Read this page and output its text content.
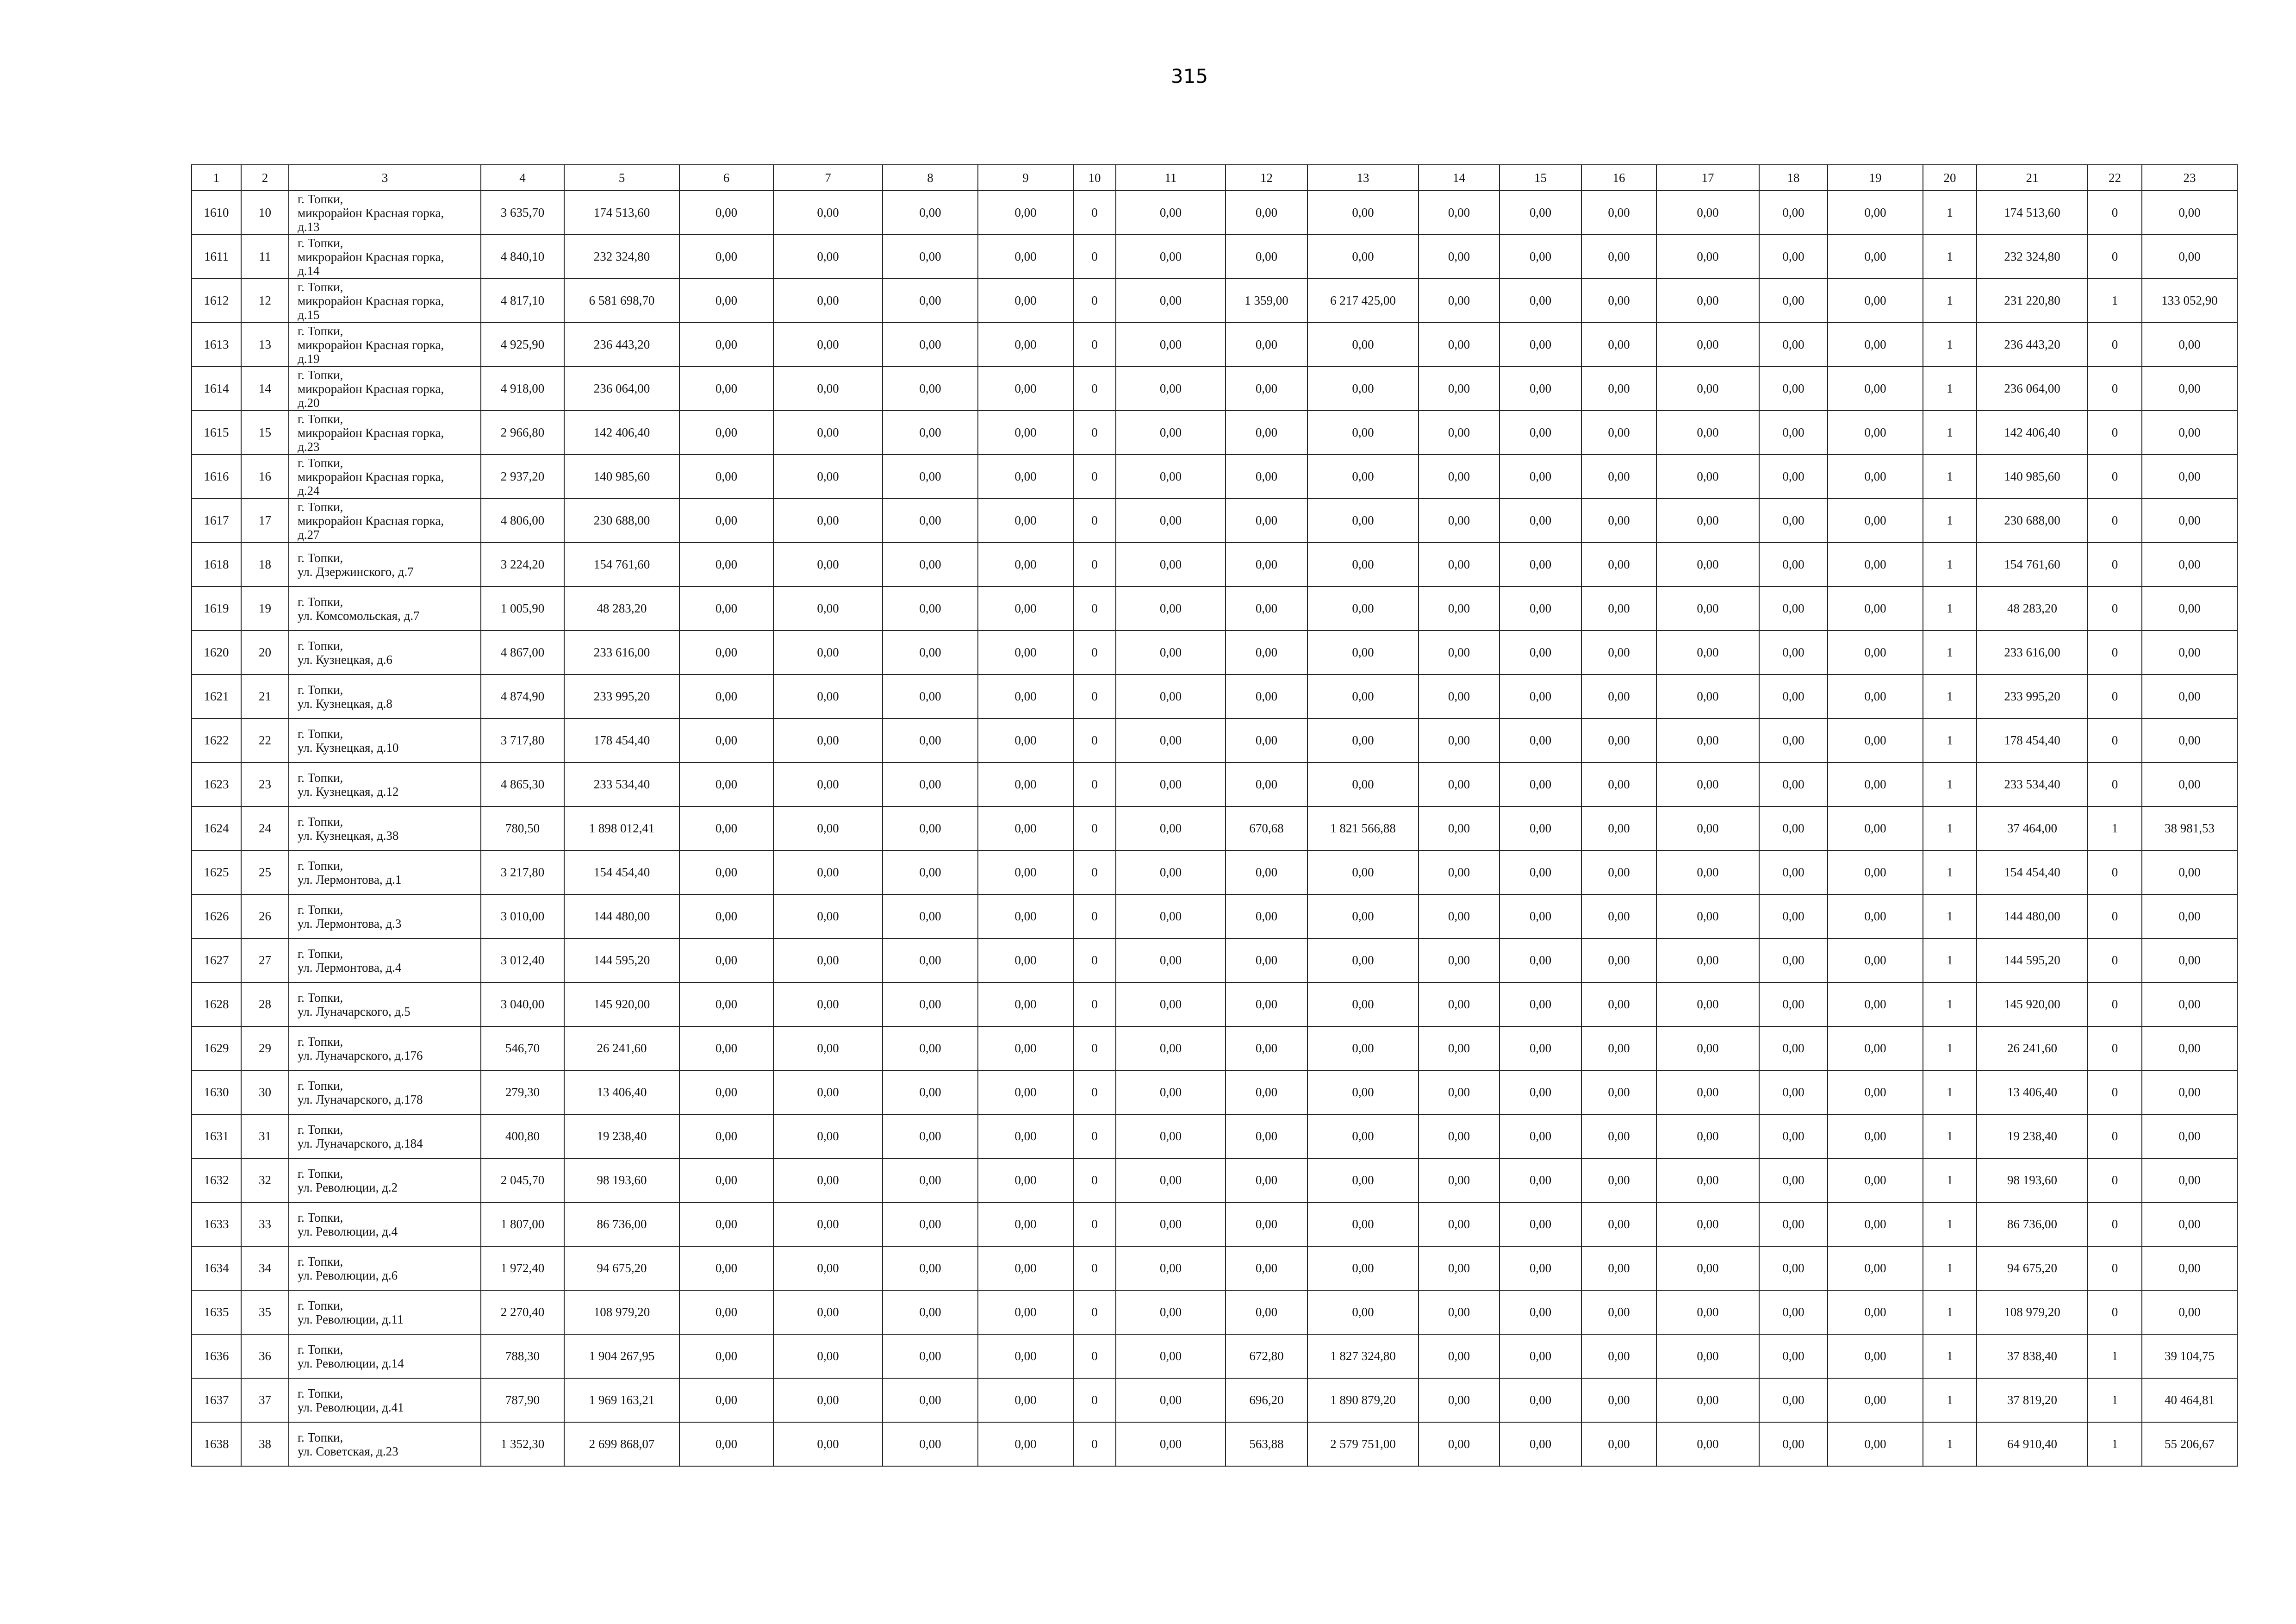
315
1	2	3	4	5	6	7	8	9	10	11	12	13	14	15	16	17	18	19	20	21	22	23
1610	10	г. Топки,
микрорайон Красная горка,
д.13	3 635,70	174 513,60	0,00	0,00	0,00	0,00	0	0,00	0,00	0,00	0,00	0,00	0,00	0,00	0,00	0,00	1	174 513,60	0	0,00
1611	11	г. Топки,
микрорайон Красная горка,
д.14	4 840,10	232 324,80	0,00	0,00	0,00	0,00	0	0,00	0,00	0,00	0,00	0,00	0,00	0,00	0,00	0,00	1	232 324,80	0	0,00
1612	12	г. Топки,
микрорайон Красная горка,
д.15	4 817,10	6 581 698,70	0,00	0,00	0,00	0,00	0	0,00	1 359,00	6 217 425,00	0,00	0,00	0,00	0,00	0,00	0,00	1	231 220,80	1	133 052,90
1613	13	г. Топки,
микрорайон Красная горка,
д.19	4 925,90	236 443,20	0,00	0,00	0,00	0,00	0	0,00	0,00	0,00	0,00	0,00	0,00	0,00	0,00	0,00	1	236 443,20	0	0,00
1614	14	г. Топки,
микрорайон Красная горка,
д.20	4 918,00	236 064,00	0,00	0,00	0,00	0,00	0	0,00	0,00	0,00	0,00	0,00	0,00	0,00	0,00	0,00	1	236 064,00	0	0,00
1615	15	г. Топки,
микрорайон Красная горка,
д.23	2 966,80	142 406,40	0,00	0,00	0,00	0,00	0	0,00	0,00	0,00	0,00	0,00	0,00	0,00	0,00	0,00	1	142 406,40	0	0,00
1616	16	г. Топки,
микрорайон Красная горка,
д.24	2 937,20	140 985,60	0,00	0,00	0,00	0,00	0	0,00	0,00	0,00	0,00	0,00	0,00	0,00	0,00	0,00	1	140 985,60	0	0,00
1617	17	г. Топки,
микрорайон Красная горка,
д.27	4 806,00	230 688,00	0,00	0,00	0,00	0,00	0	0,00	0,00	0,00	0,00	0,00	0,00	0,00	0,00	0,00	1	230 688,00	0	0,00
1618	18	г. Топки,
ул. Дзержинского, д.7	3 224,20	154 761,60	0,00	0,00	0,00	0,00	0	0,00	0,00	0,00	0,00	0,00	0,00	0,00	0,00	0,00	1	154 761,60	0	0,00
1619	19	г. Топки,
ул. Комсомольская, д.7	1 005,90	48 283,20	0,00	0,00	0,00	0,00	0	0,00	0,00	0,00	0,00	0,00	0,00	0,00	0,00	0,00	1	48 283,20	0	0,00
1620	20	г. Топки,
ул. Кузнецкая, д.6	4 867,00	233 616,00	0,00	0,00	0,00	0,00	0	0,00	0,00	0,00	0,00	0,00	0,00	0,00	0,00	0,00	1	233 616,00	0	0,00
1621	21	г. Топки,
ул. Кузнецкая, д.8	4 874,90	233 995,20	0,00	0,00	0,00	0,00	0	0,00	0,00	0,00	0,00	0,00	0,00	0,00	0,00	0,00	1	233 995,20	0	0,00
1622	22	г. Топки,
ул. Кузнецкая, д.10	3 717,80	178 454,40	0,00	0,00	0,00	0,00	0	0,00	0,00	0,00	0,00	0,00	0,00	0,00	0,00	0,00	1	178 454,40	0	0,00
1623	23	г. Топки,
ул. Кузнецкая, д.12	4 865,30	233 534,40	0,00	0,00	0,00	0,00	0	0,00	0,00	0,00	0,00	0,00	0,00	0,00	0,00	0,00	1	233 534,40	0	0,00
1624	24	г. Топки,
ул. Кузнецкая, д.38	780,50	1 898 012,41	0,00	0,00	0,00	0,00	0	0,00	670,68	1 821 566,88	0,00	0,00	0,00	0,00	0,00	0,00	1	37 464,00	1	38 981,53
1625	25	г. Топки,
ул. Лермонтова, д.1	3 217,80	154 454,40	0,00	0,00	0,00	0,00	0	0,00	0,00	0,00	0,00	0,00	0,00	0,00	0,00	0,00	1	154 454,40	0	0,00
1626	26	г. Топки,
ул. Лермонтова, д.3	3 010,00	144 480,00	0,00	0,00	0,00	0,00	0	0,00	0,00	0,00	0,00	0,00	0,00	0,00	0,00	0,00	1	144 480,00	0	0,00
1627	27	г. Топки,
ул. Лермонтова, д.4	3 012,40	144 595,20	0,00	0,00	0,00	0,00	0	0,00	0,00	0,00	0,00	0,00	0,00	0,00	0,00	0,00	1	144 595,20	0	0,00
1628	28	г. Топки,
ул. Луначарского, д.5	3 040,00	145 920,00	0,00	0,00	0,00	0,00	0	0,00	0,00	0,00	0,00	0,00	0,00	0,00	0,00	0,00	1	145 920,00	0	0,00
1629	29	г. Топки,
ул. Луначарского, д.176	546,70	26 241,60	0,00	0,00	0,00	0,00	0	0,00	0,00	0,00	0,00	0,00	0,00	0,00	0,00	0,00	1	26 241,60	0	0,00
1630	30	г. Топки,
ул. Луначарского, д.178	279,30	13 406,40	0,00	0,00	0,00	0,00	0	0,00	0,00	0,00	0,00	0,00	0,00	0,00	0,00	0,00	1	13 406,40	0	0,00
1631	31	г. Топки,
ул. Луначарского, д.184	400,80	19 238,40	0,00	0,00	0,00	0,00	0	0,00	0,00	0,00	0,00	0,00	0,00	0,00	0,00	0,00	1	19 238,40	0	0,00
1632	32	г. Топки,
ул. Революции, д.2	2 045,70	98 193,60	0,00	0,00	0,00	0,00	0	0,00	0,00	0,00	0,00	0,00	0,00	0,00	0,00	0,00	1	98 193,60	0	0,00
1633	33	г. Топки,
ул. Революции, д.4	1 807,00	86 736,00	0,00	0,00	0,00	0,00	0	0,00	0,00	0,00	0,00	0,00	0,00	0,00	0,00	0,00	1	86 736,00	0	0,00
1634	34	г. Топки,
ул. Революции, д.6	1 972,40	94 675,20	0,00	0,00	0,00	0,00	0	0,00	0,00	0,00	0,00	0,00	0,00	0,00	0,00	0,00	1	94 675,20	0	0,00
1635	35	г. Топки,
ул. Революции, д.11	2 270,40	108 979,20	0,00	0,00	0,00	0,00	0	0,00	0,00	0,00	0,00	0,00	0,00	0,00	0,00	0,00	1	108 979,20	0	0,00
1636	36	г. Топки,
ул. Революции, д.14	788,30	1 904 267,95	0,00	0,00	0,00	0,00	0	0,00	672,80	1 827 324,80	0,00	0,00	0,00	0,00	0,00	0,00	1	37 838,40	1	39 104,75
1637	37	г. Топки,
ул. Революции, д.41	787,90	1 969 163,21	0,00	0,00	0,00	0,00	0	0,00	696,20	1 890 879,20	0,00	0,00	0,00	0,00	0,00	0,00	1	37 819,20	1	40 464,81
1638	38	г. Топки,
ул. Советская, д.23	1 352,30	2 699 868,07	0,00	0,00	0,00	0,00	0	0,00	563,88	2 579 751,00	0,00	0,00	0,00	0,00	0,00	0,00	1	64 910,40	1	55 206,67
